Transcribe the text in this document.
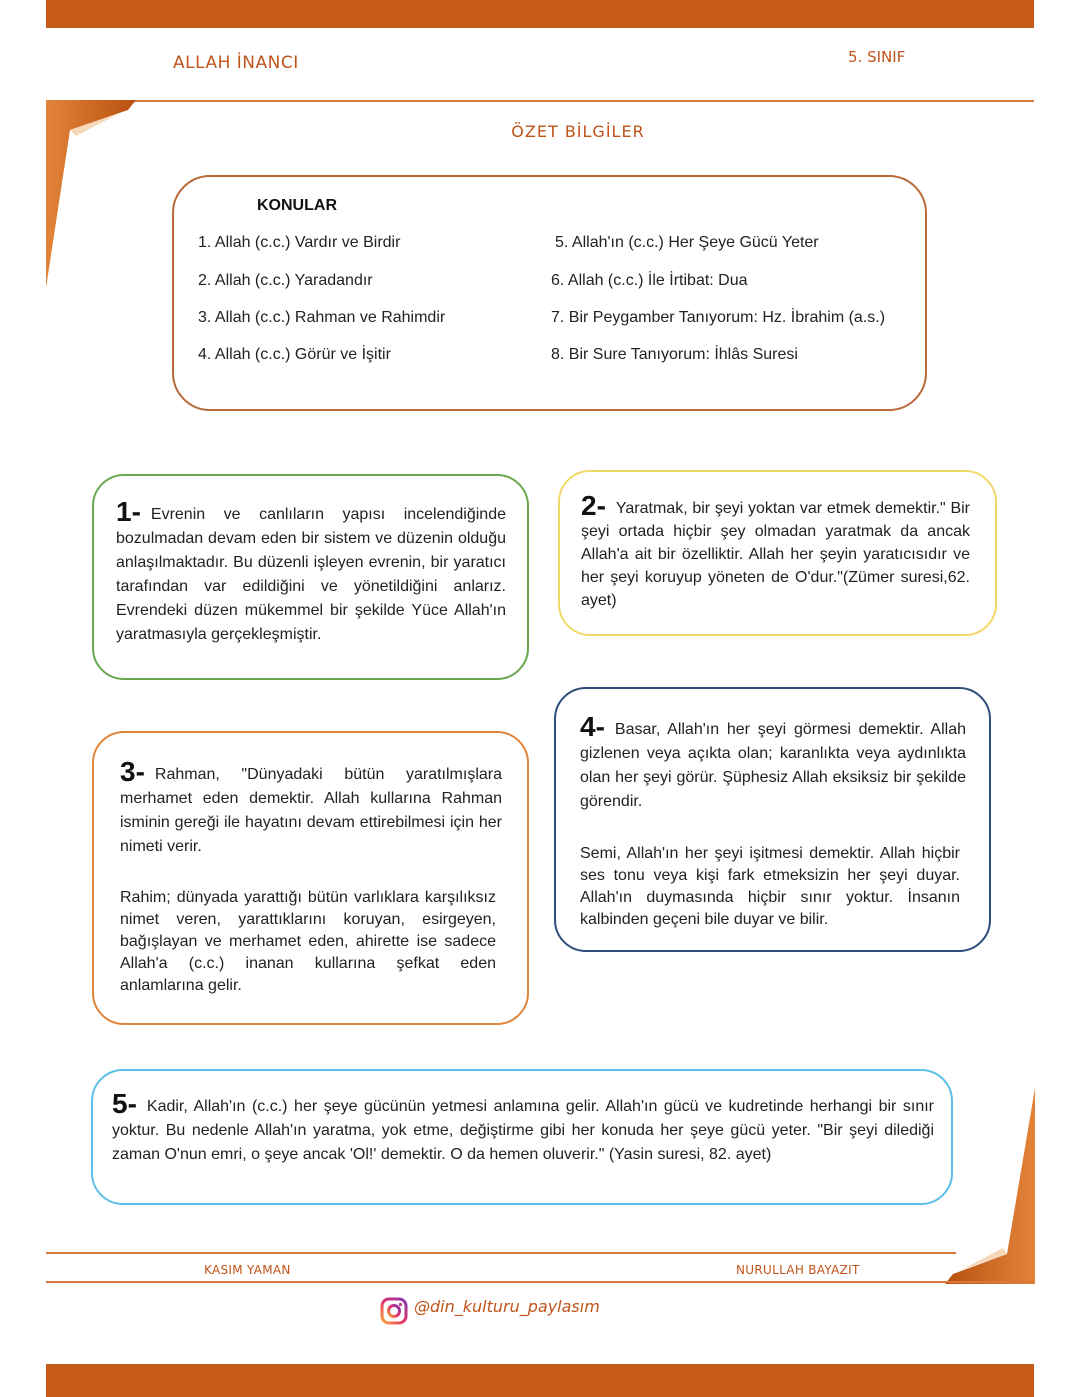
ALLAH İNANCI	5. SINIF
ÖZET BİLGİLER
KONULAR
1. Allah (c.c.) Vardır ve Birdir
2. Allah (c.c.) Yaradandır
3. Allah (c.c.) Rahman ve Rahimdir
4. Allah (c.c.) Görür ve İşitir
5. Allah'ın (c.c.) Her Şeye Gücü Yeter
6. Allah (c.c.) İle İrtibat: Dua
7. Bir Peygamber Tanıyorum: Hz. İbrahim (a.s.)
8. Bir Sure Tanıyorum: İhlâs Suresi
1- Evrenin ve canlıların yapısı incelendiğinde bozulmadan devam eden bir sistem ve düzenin olduğu anlaşılmaktadır. Bu düzenli işleyen evrenin, bir yaratıcı tarafından var edildiğini ve yönetildiğini anlarız. Evrendeki düzen mükemmel bir şekilde Yüce Allah'ın yaratmasıyla gerçekleşmiştir.
2- Yaratmak, bir şeyi yoktan var etmek demektir." Bir şeyi ortada hiçbir şey olmadan yaratmak da ancak Allah'a ait bir özelliktir. Allah her şeyin yaratıcısıdır ve her şeyi koruyup yöneten de O'dur."(Zümer suresi,62. ayet)
3- Rahman, "Dünyadaki bütün yaratılmışlara merhamet eden demektir. Allah kullarına Rahman isminin gereği ile hayatını devam ettirebilmesi için her nimeti verir.
Rahim; dünyada yarattığı bütün varlıklara karşılıksız nimet veren, yarattıklarını koruyan, esirgeyen, bağışlayan ve merhamet eden, ahirette ise sadece Allah'a (c.c.) inanan kullarına şefkat eden anlamlarına gelir.
4- Basar, Allah'ın her şeyi görmesi demektir. Allah gizlenen veya açıkta olan; karanlıkta veya aydınlıkta olan her şeyi görür. Şüphesiz Allah eksiksiz bir şekilde görendir.
Semi, Allah'ın her şeyi işitmesi demektir. Allah hiçbir ses tonu veya kişi fark etmeksizin her şeyi duyar. Allah'ın duymasında hiçbir sınır yoktur. İnsanın kalbinden geçeni bile duyar ve bilir.
5- Kadir, Allah'ın (c.c.) her şeye gücünün yetmesi anlamına gelir. Allah'ın gücü ve kudretinde herhangi bir sınır yoktur. Bu nedenle Allah'ın yaratma, yok etme, değiştirme gibi her konuda her şeye gücü yeter. "Bir şeyi dilediği zaman O'nun emri, o şeye ancak 'Ol!' demektir. O da hemen oluverir." (Yasin suresi, 82. ayet)
KASIM YAMAN	NURULLAH BAYAZIT
@din_kulturu_paylasım
